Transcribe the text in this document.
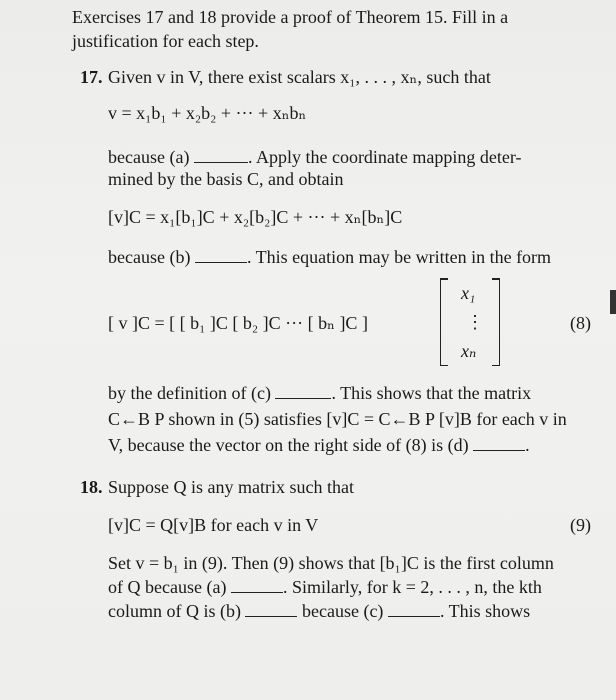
Exercises 17 and 18 provide a proof of Theorem 15. Fill in a
justification for each step.
17. Given v in V, there exist scalars x₁, . . . , xₙ, such that
v = x₁b₁ + x₂b₂ + ··· + xₙbₙ
because (a)	. Apply the coordinate mapping deter-
mined by the basis C, and obtain
[v]C = x₁[b₁]C + x₂[b₂]C + ··· + xₙ[bₙ]C
because (b)	. This equation may be written in the form
[ v ]C = [ [ b₁ ]C [ b₂ ]C ··· [ bₙ ]C ]
x₁
⋮
xₙ
(8)
by the definition of (c)	. This shows that the matrix
C←B P shown in (5) satisfies [v]C = C←B P [v]B for each v in
V, because the vector on the right side of (8) is (d)	.
18. Suppose Q is any matrix such that
[v]C = Q[v]B for each v in V	(9)
Set v = b₁ in (9). Then (9) shows that [b₁]C is the first column
of Q because (a)	. Similarly, for k = 2, . . . , n, the kth
column of Q is (b)	because (c)	. This shows
